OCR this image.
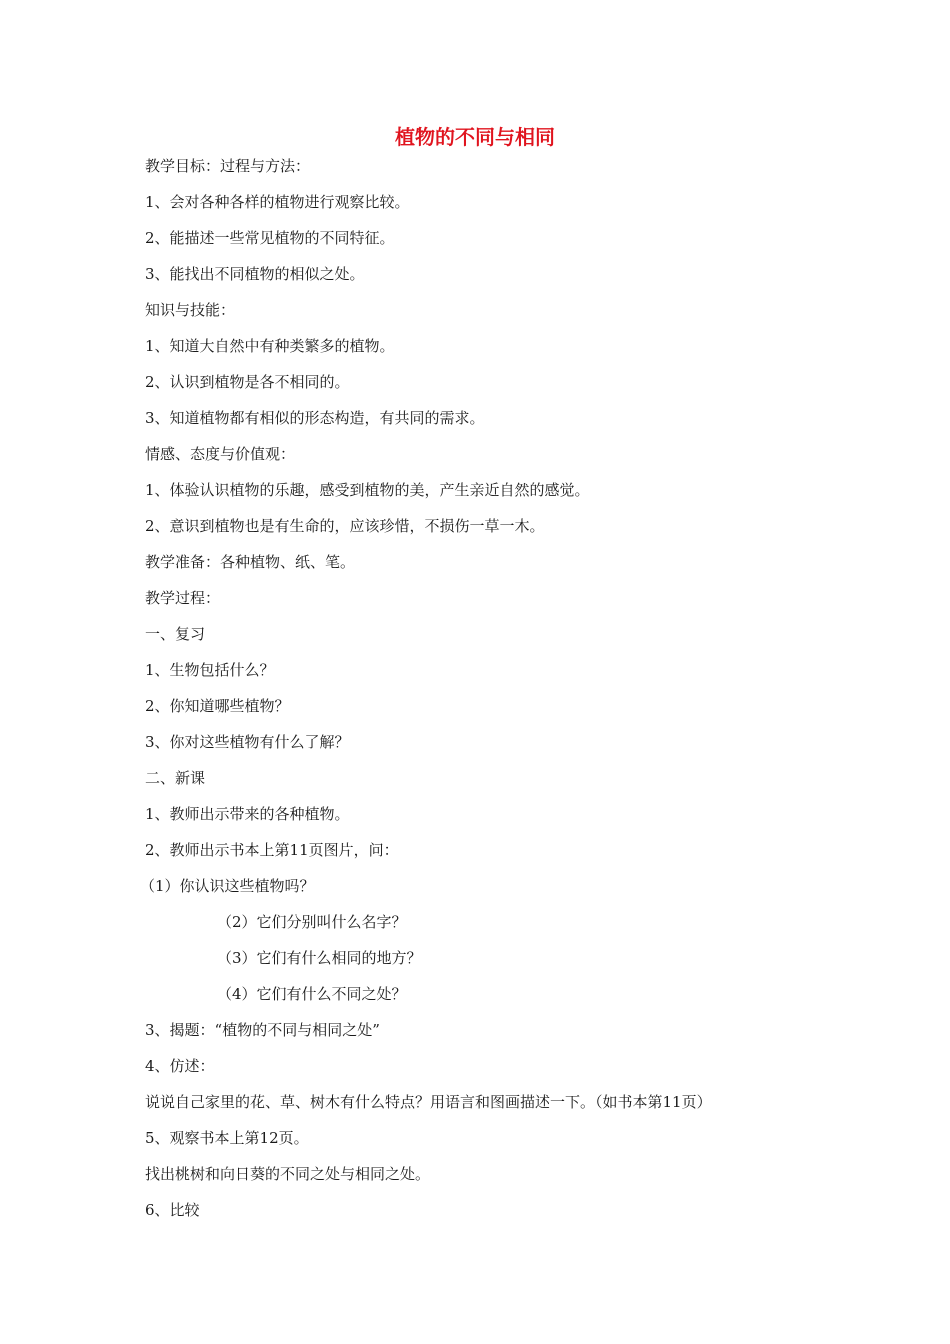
植物的不同与相同
教学目标：过程与方法：
1、会对各种各样的植物进行观察比较。
2、能描述一些常见植物的不同特征。
3、能找出不同植物的相似之处。
知识与技能：
1、知道大自然中有种类繁多的植物。
2、认识到植物是各不相同的。
3、知道植物都有相似的形态构造，有共同的需求。
情感、态度与价值观：
1、体验认识植物的乐趣，感受到植物的美，产生亲近自然的感觉。
2、意识到植物也是有生命的，应该珍惜，不损伤一草一木。
教学准备：各种植物、纸、笔。
教学过程：
一、复习
1、生物包括什么？
2、你知道哪些植物？
3、你对这些植物有什么了解？
二、新课
1、教师出示带来的各种植物。
2、教师出示书本上第11页图片，问：
（1）你认识这些植物吗？
（2）它们分别叫什么名字？
（3）它们有什么相同的地方？
（4）它们有什么不同之处？
3、揭题：“植物的不同与相同之处”
4、仿述：
说说自己家里的花、草、树木有什么特点？用语言和图画描述一下。（如书本第11页）
5、观察书本上第12页。
找出桃树和向日葵的不同之处与相同之处。
6、比较
